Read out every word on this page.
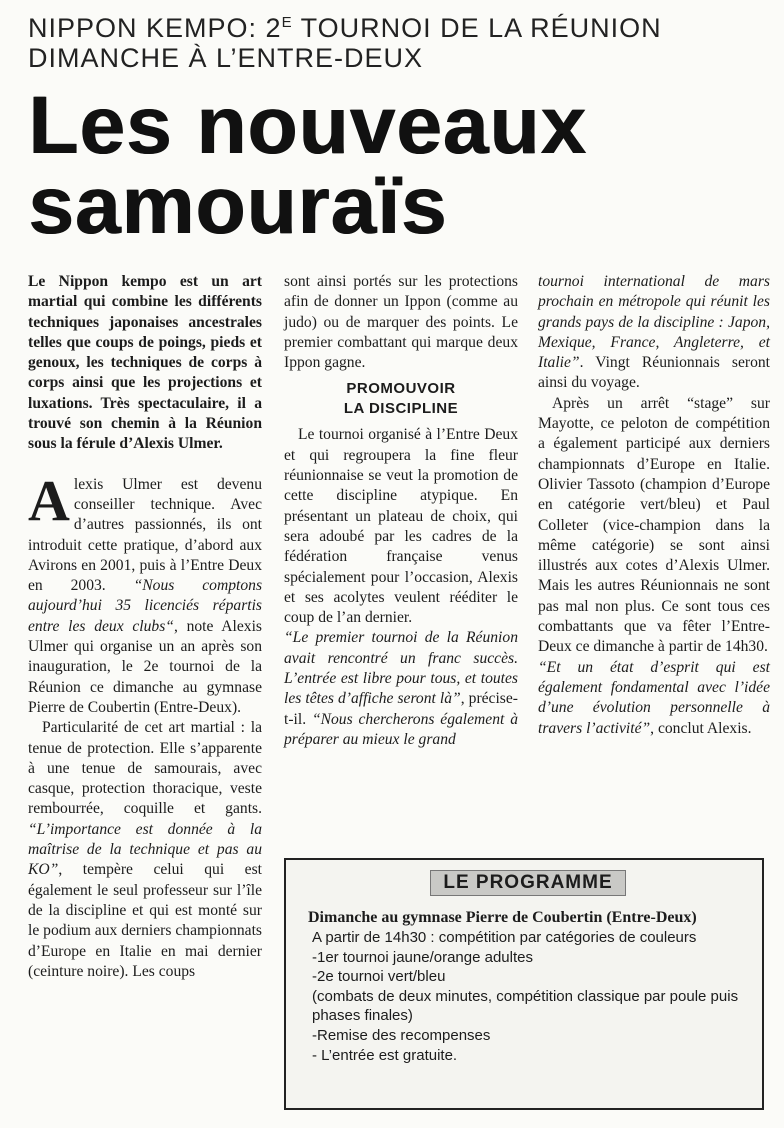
NIPPON KEMPO: $2^E$ TOURNOI DE LA RÉUNION
DIMANCHE À L’ENTRE-DEUX
Les nouveaux
samouraïs

Le Nippon kempo est un art martial qui combine les différents techniques japonaises ancestrales telles que coups de poings, pieds et genoux, les techniques de corps à corps ainsi que les projections et luxations. Très spectaculaire, il a trouvé son chemin à la Réunion sous la férule d’Alexis Ulmer.

Alexis Ulmer est devenu conseiller technique. Avec d’autres passionnés, ils ont introduit cette pratique, d’abord aux Avirons en 2001, puis à l’Entre Deux en 2003. “Nous comptons aujourd’hui 35 licenciés répartis entre les deux clubs“, note Alexis Ulmer qui organise un an après son inauguration, le 2e tournoi de la Réunion ce dimanche au gymnase Pierre de Coubertin (Entre-Deux).

Particularité de cet art martial : la tenue de protection. Elle s’apparente à une tenue de samourais, avec casque, protection thoracique, veste rembourrée, coquille et gants. “L’importance est donnée à la maîtrise de la technique et pas au KO”, tempère celui qui est également le seul professeur sur l’île de la discipline et qui est monté sur le podium aux derniers championnats d’Europe en Italie en mai dernier (ceinture noire). Les coups

sont ainsi portés sur les protections afin de donner un Ippon (comme au judo) ou de marquer des points. Le premier combattant qui marque deux Ippon gagne.

PROMOUVOIR
LA DISCIPLINE

Le tournoi organisé à l’Entre Deux et qui regroupera la fine fleur réunionnaise se veut la promotion de cette discipline atypique. En présentant un plateau de choix, qui sera adoubé par les cadres de la fédération française venus spécialement pour l’occasion, Alexis et ses acolytes veulent rééditer le coup de l’an dernier.

“Le premier tournoi de la Réunion avait rencontré un franc succès. L’entrée est libre pour tous, et toutes les têtes d’affiche seront là”, précise-t-il. “Nous chercherons également à préparer au mieux le grand

tournoi international de mars prochain en métropole qui réunit les grands pays de la discipline : Japon, Mexique, France, Angleterre, et Italie”. Vingt Réunionnais seront ainsi du voyage.

Après un arrêt “stage” sur Mayotte, ce peloton de compétition a également participé aux derniers championnats d’Europe en Italie. Olivier Tassoto (champion d’Europe en catégorie vert/bleu) et Paul Colleter (vice-champion dans la même catégorie) se sont ainsi illustrés aux cotes d’Alexis Ulmer. Mais les autres Réunionnais ne sont pas mal non plus. Ce sont tous ces combattants que va fêter l’Entre-Deux ce dimanche à partir de 14h30.

“Et un état d’esprit qui est également fondamental avec l’idée d’une évolution personnelle à travers l’activité”, conclut Alexis.

LE PROGRAMME
Dimanche au gymnase Pierre de Coubertin (Entre-Deux)
A partir de 14h30 : compétition par catégories de couleurs
-1er tournoi jaune/orange adultes
-2e tournoi vert/bleu
(combats de deux minutes, compétition classique par poule puis phases finales)
-Remise des recompenses
- L’entrée est gratuite.
